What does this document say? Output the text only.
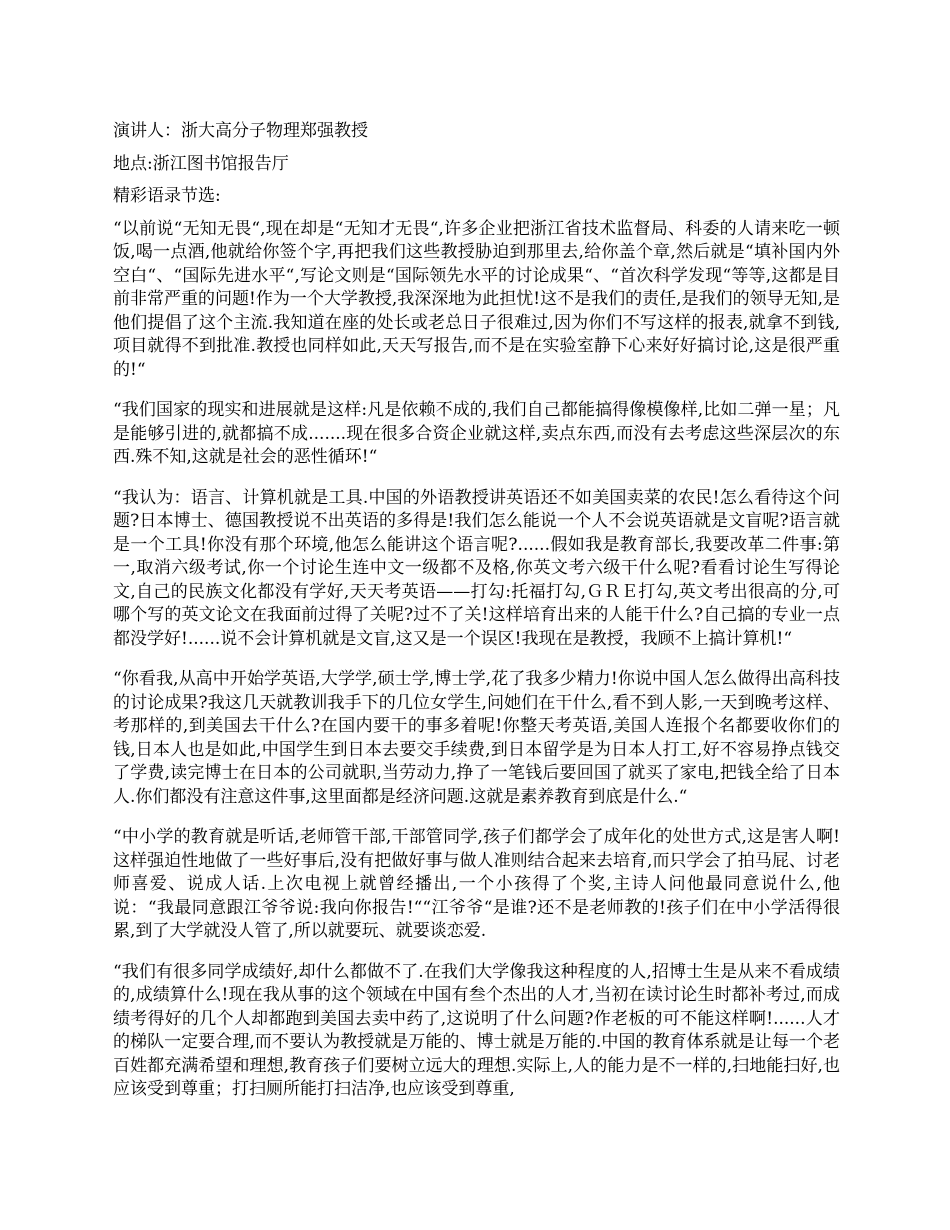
演讲人：浙大高分子物理郑强教授

地点:浙江图书馆报告厅

精彩语录节选:

“以前说“无知无畏“,现在却是“无知才无畏“,许多企业把浙江省技术监督局、科委的人请来吃一顿饭,喝一点酒,他就给你签个字,再把我们这些教授胁迫到那里去,给你盖个章,然后就是“填补国内外空白“、“国际先进水平“,写论文则是“国际领先水平的讨论成果“、“首次科学发现“等等,这都是目前非常严重的问题!作为一个大学教授,我深深地为此担忧!这不是我们的责任,是我们的领导无知,是他们提倡了这个主流.我知道在座的处长或老总日子很难过,因为你们不写这样的报表,就拿不到钱,项目就得不到批准.教授也同样如此,天天写报告,而不是在实验室静下心来好好搞讨论,这是很严重的!“

“我们国家的现实和进展就是这样:凡是依赖不成的,我们自己都能搞得像模像样,比如二弹一星；凡是能够引进的,就都搞不成.......现在很多合资企业就这样,卖点东西,而没有去考虑这些深层次的东西.殊不知,这就是社会的恶性循环!“

“我认为：语言、计算机就是工具.中国的外语教授讲英语还不如美国卖菜的农民!怎么看待这个问题?日本博士、德国教授说不出英语的多得是!我们怎么能说一个人不会说英语就是文盲呢?语言就是一个工具!你没有那个环境,他怎么能讲这个语言呢?......假如我是教育部长,我要改革二件事:第一,取消六级考试,你一个讨论生连中文一级都不及格,你英文考六级干什么呢?看看讨论生写得论文,自己的民族文化都没有学好,天天考英语——打勾:托福打勾,ＧＲＥ打勾,英文考出很高的分,可哪个写的英文论文在我面前过得了关呢?过不了关!这样培育出来的人能干什么?自己搞的专业一点都没学好!......说不会计算机就是文盲,这又是一个误区!我现在是教授，我顾不上搞计算机!“

“你看我,从高中开始学英语,大学学,硕士学,博士学,花了我多少精力!你说中国人怎么做得出高科技的讨论成果?我这几天就教训我手下的几位女学生,问她们在干什么,看不到人影,一天到晚考这样、考那样的,到美国去干什么?在国内要干的事多着呢!你整天考英语,美国人连报个名都要收你们的钱,日本人也是如此,中国学生到日本去要交手续费,到日本留学是为日本人打工,好不容易挣点钱交了学费,读完博士在日本的公司就职,当劳动力,挣了一笔钱后要回国了就买了家电,把钱全给了日本人.你们都没有注意这件事,这里面都是经济问题.这就是素养教育到底是什么.“

“中小学的教育就是听话,老师管干部,干部管同学,孩子们都学会了成年化的处世方式,这是害人啊!这样强迫性地做了一些好事后,没有把做好事与做人准则结合起来去培育,而只学会了拍马屁、讨老师喜爱、说成人话.上次电视上就曾经播出,一个小孩得了个奖,主诗人问他最同意说什么,他说：“我最同意跟江爷爷说:我向你报告!““江爷爷“是谁?还不是老师教的!孩子们在中小学活得很累,到了大学就没人管了,所以就要玩、就要谈恋爱.

“我们有很多同学成绩好,却什么都做不了.在我们大学像我这种程度的人,招博士生是从来不看成绩的,成绩算什么!现在我从事的这个领域在中国有叁个杰出的人才,当初在读讨论生时都补考过,而成绩考得好的几个人却都跑到美国去卖中药了,这说明了什么问题?作老板的可不能这样啊!......人才的梯队一定要合理,而不要认为教授就是万能的、博士就是万能的.中国的教育体系就是让每一个老百姓都充满希望和理想,教育孩子们要树立远大的理想.实际上,人的能力是不一样的,扫地能扫好,也应该受到尊重；打扫厕所能打扫洁净,也应该受到尊重,
